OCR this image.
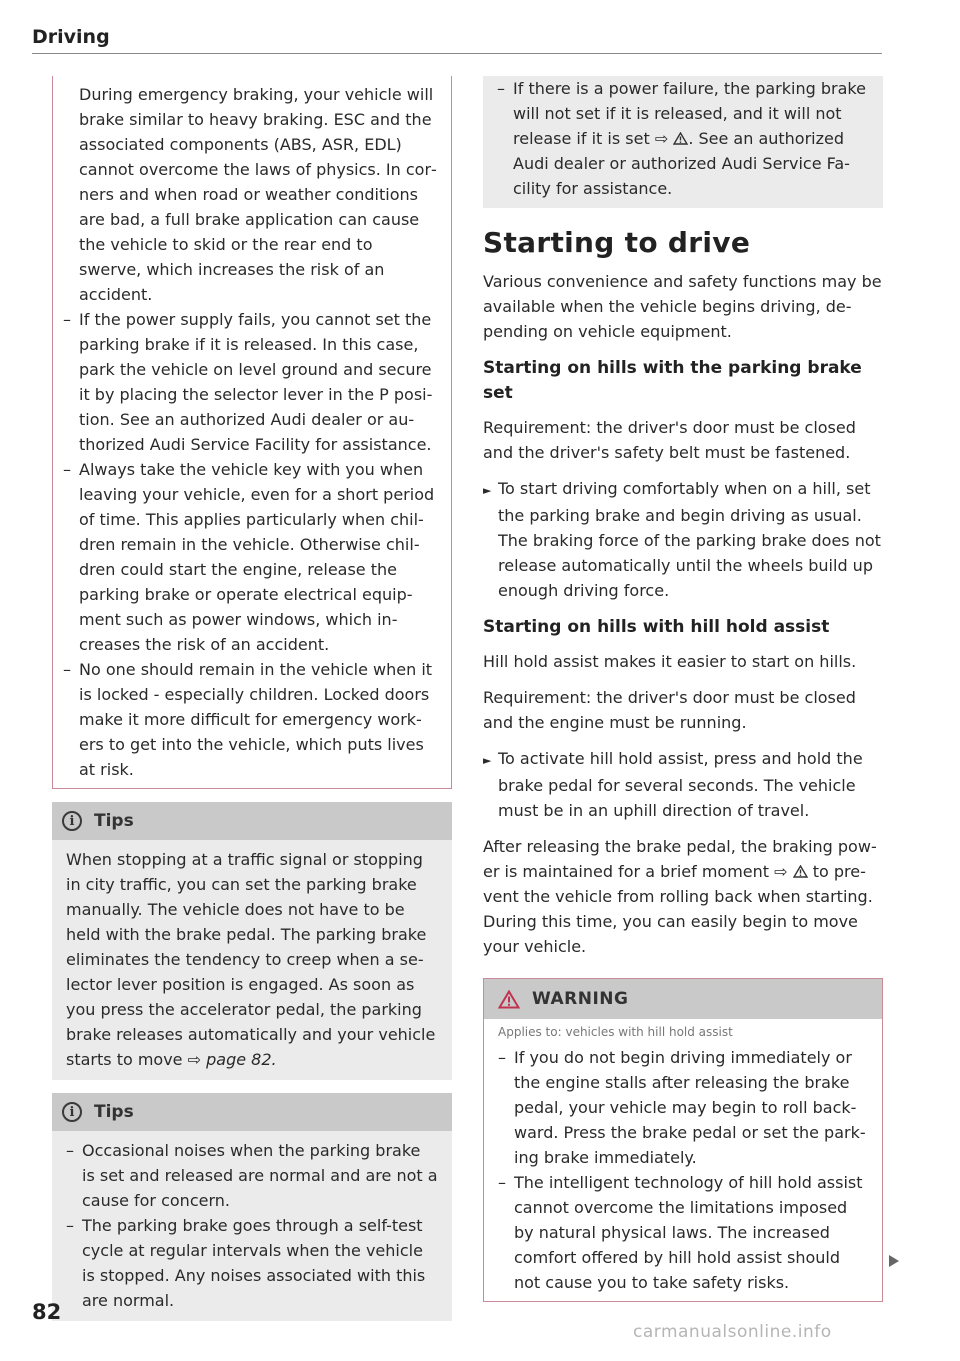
Driving

During emergency braking, your vehicle will brake similar to heavy braking. ESC and the associated components (ABS, ASR, EDL) cannot overcome the laws of physics. In corners and when road or weather conditions are bad, a full brake application can cause the vehicle to skid or the rear end to swerve, which increases the risk of an accident.

– If the power supply fails, you cannot set the parking brake if it is released. In this case, park the vehicle on level ground and secure it by placing the selector lever in the P position. See an authorized Audi dealer or authorized Audi Service Facility for assistance.

– Always take the vehicle key with you when leaving your vehicle, even for a short period of time. This applies particularly when children remain in the vehicle. Otherwise children could start the engine, release the parking brake or operate electrical equipment such as power windows, which increases the risk of an accident.

– No one should remain in the vehicle when it is locked - especially children. Locked doors make it more difficult for emergency workers to get into the vehicle, which puts lives at risk.

i	Tips

When stopping at a traffic signal or stopping in city traffic, you can set the parking brake manually. The vehicle does not have to be held with the brake pedal. The parking brake eliminates the tendency to creep when a selector lever position is engaged. As soon as you press the accelerator pedal, the parking brake releases automatically and your vehicle starts to move ⇨ page 82.

i	Tips

– Occasional noises when the parking brake is set and released are normal and are not a cause for concern.

– The parking brake goes through a self-test cycle at regular intervals when the vehicle is stopped. Any noises associated with this are normal.

– If there is a power failure, the parking brake will not set if it is released, and it will not release if it is set ⇨ . See an authorized Audi dealer or authorized Audi Service Facility for assistance.

Starting to drive

Various convenience and safety functions may be available when the vehicle begins driving, depending on vehicle equipment.

Starting on hills with the parking brake set

Requirement: the driver's door must be closed and the driver's safety belt must be fastened.

► To start driving comfortably when on a hill, set the parking brake and begin driving as usual. The braking force of the parking brake does not release automatically until the wheels build up enough driving force.

Starting on hills with hill hold assist

Hill hold assist makes it easier to start on hills.

Requirement: the driver's door must be closed and the engine must be running.

► To activate hill hold assist, press and hold the brake pedal for several seconds. The vehicle must be in an uphill direction of travel.

After releasing the brake pedal, the braking power is maintained for a brief moment ⇨ to prevent the vehicle from rolling back when starting. During this time, you can easily begin to move your vehicle.

WARNING
Applies to: vehicles with hill hold assist

– If you do not begin driving immediately or the engine stalls after releasing the brake pedal, your vehicle may begin to roll backward. Press the brake pedal or set the parking brake immediately.

– The intelligent technology of hill hold assist cannot overcome the limitations imposed by natural physical laws. The increased comfort offered by hill hold assist should not cause you to take safety risks.

82
carmanualsonline.info
